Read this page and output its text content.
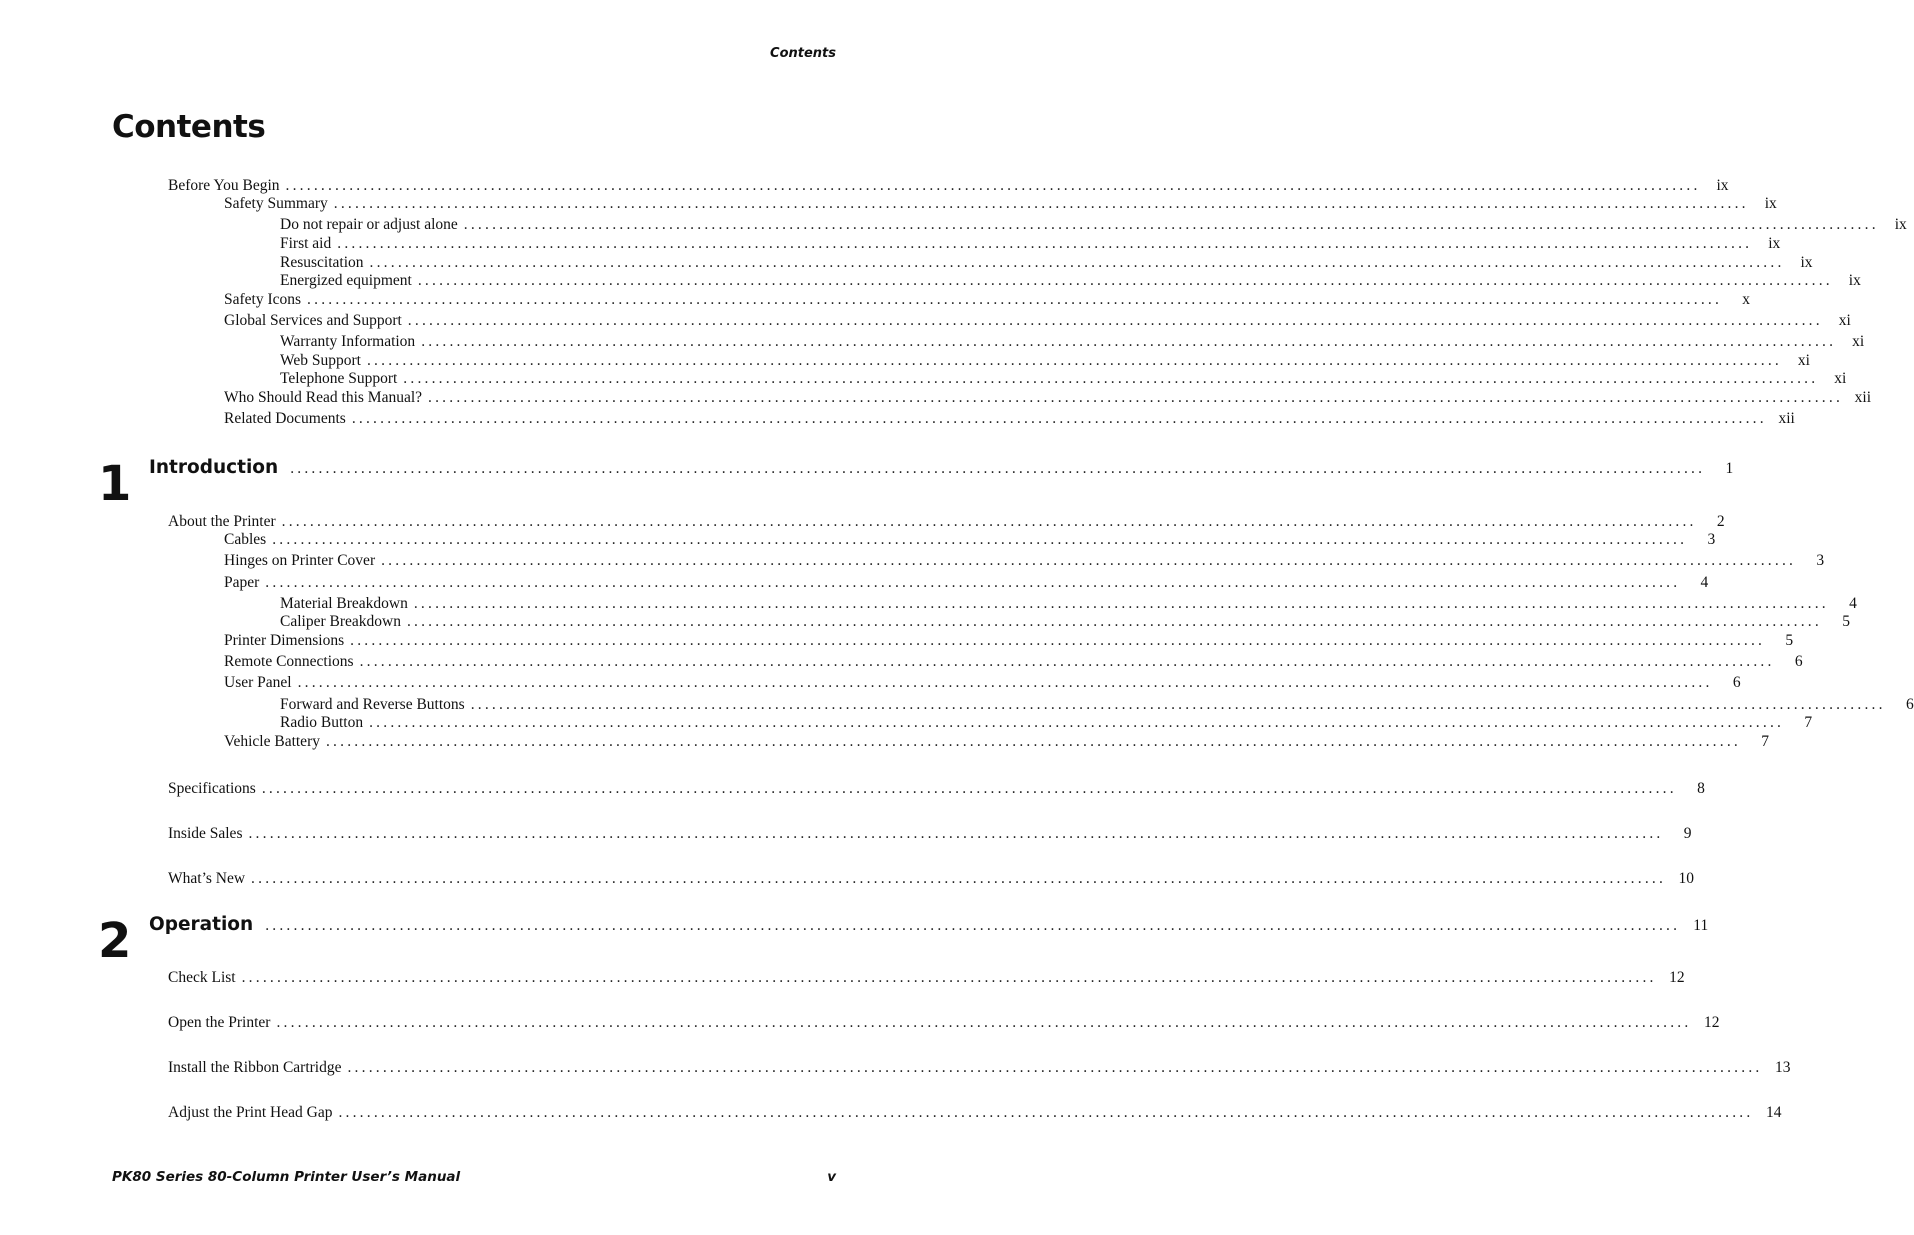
Contents
Contents
Before You Begin ........................................................................................................................................................................................................	ix
Safety Summary ........................................................................................................................................................................................................	ix
Do not repair or adjust alone ........................................................................................................................................................................................................	ix
First aid ........................................................................................................................................................................................................	ix
Resuscitation ........................................................................................................................................................................................................	ix
Energized equipment ........................................................................................................................................................................................................	ix
Safety Icons ........................................................................................................................................................................................................	x
Global Services and Support ........................................................................................................................................................................................................	xi
Warranty Information ........................................................................................................................................................................................................	xi
Web Support ........................................................................................................................................................................................................	xi
Telephone Support ........................................................................................................................................................................................................	xi
Who Should Read this Manual? ........................................................................................................................................................................................................ xii
Related Documents ........................................................................................................................................................................................................ xii
1 Introduction ........................................................................................................................................................................................................	1
About the Printer ........................................................................................................................................................................................................	2
Cables ........................................................................................................................................................................................................	3
Hinges on Printer Cover ........................................................................................................................................................................................................	3
Paper ........................................................................................................................................................................................................	4
Material Breakdown ........................................................................................................................................................................................................	4
Caliper Breakdown ........................................................................................................................................................................................................	5
Printer Dimensions ........................................................................................................................................................................................................	5
Remote Connections ........................................................................................................................................................................................................	6
User Panel ........................................................................................................................................................................................................	6
Forward and Reverse Buttons ........................................................................................................................................................................................................	6
Radio Button ........................................................................................................................................................................................................	7
Vehicle Battery ........................................................................................................................................................................................................	7
Specifications ........................................................................................................................................................................................................	8
Inside Sales ........................................................................................................................................................................................................	9
What’s New ........................................................................................................................................................................................................ 10
2 Operation ........................................................................................................................................................................................................ 11
Check List ........................................................................................................................................................................................................ 12
Open the Printer ........................................................................................................................................................................................................ 12
Install the Ribbon Cartridge ........................................................................................................................................................................................................ 13
Adjust the Print Head Gap ........................................................................................................................................................................................................ 14
PK80 Series 80-Column Printer User’s Manual	v
